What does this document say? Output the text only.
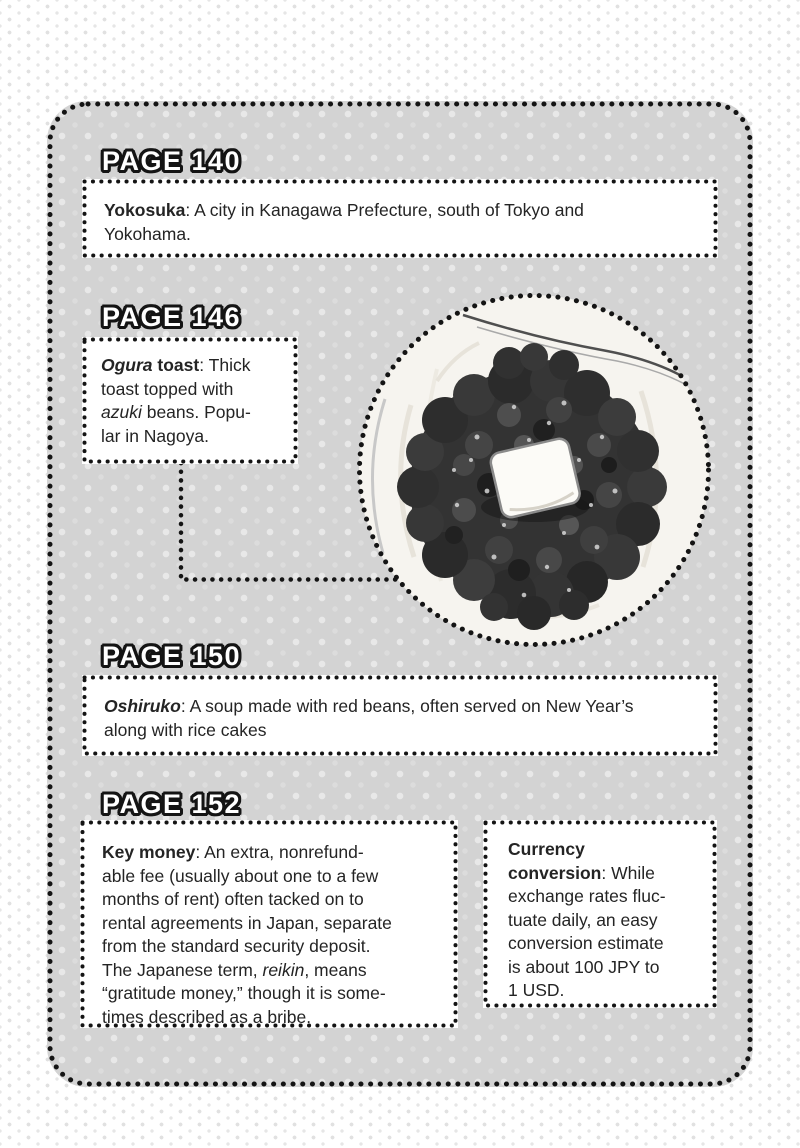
PAGE 140
Yokosuka: A city in Kanagawa Prefecture, south of Tokyo and
Yokohama.
PAGE 146
Ogura toast: Thick
toast topped with
azuki beans. Popu-
lar in Nagoya.
PAGE 150
Oshiruko: A soup made with red beans, often served on New Year’s
along with rice cakes
PAGE 152
Key money: An extra, nonrefund-
able fee (usually about one to a few
months of rent) often tacked on to
rental agreements in Japan, separate
from the standard security deposit.
The Japanese term, reikin, means
“gratitude money,” though it is some-
times described as a bribe.
Currency
conversion: While
exchange rates fluc-
tuate daily, an easy
conversion estimate
is about 100 JPY to
1 USD.
